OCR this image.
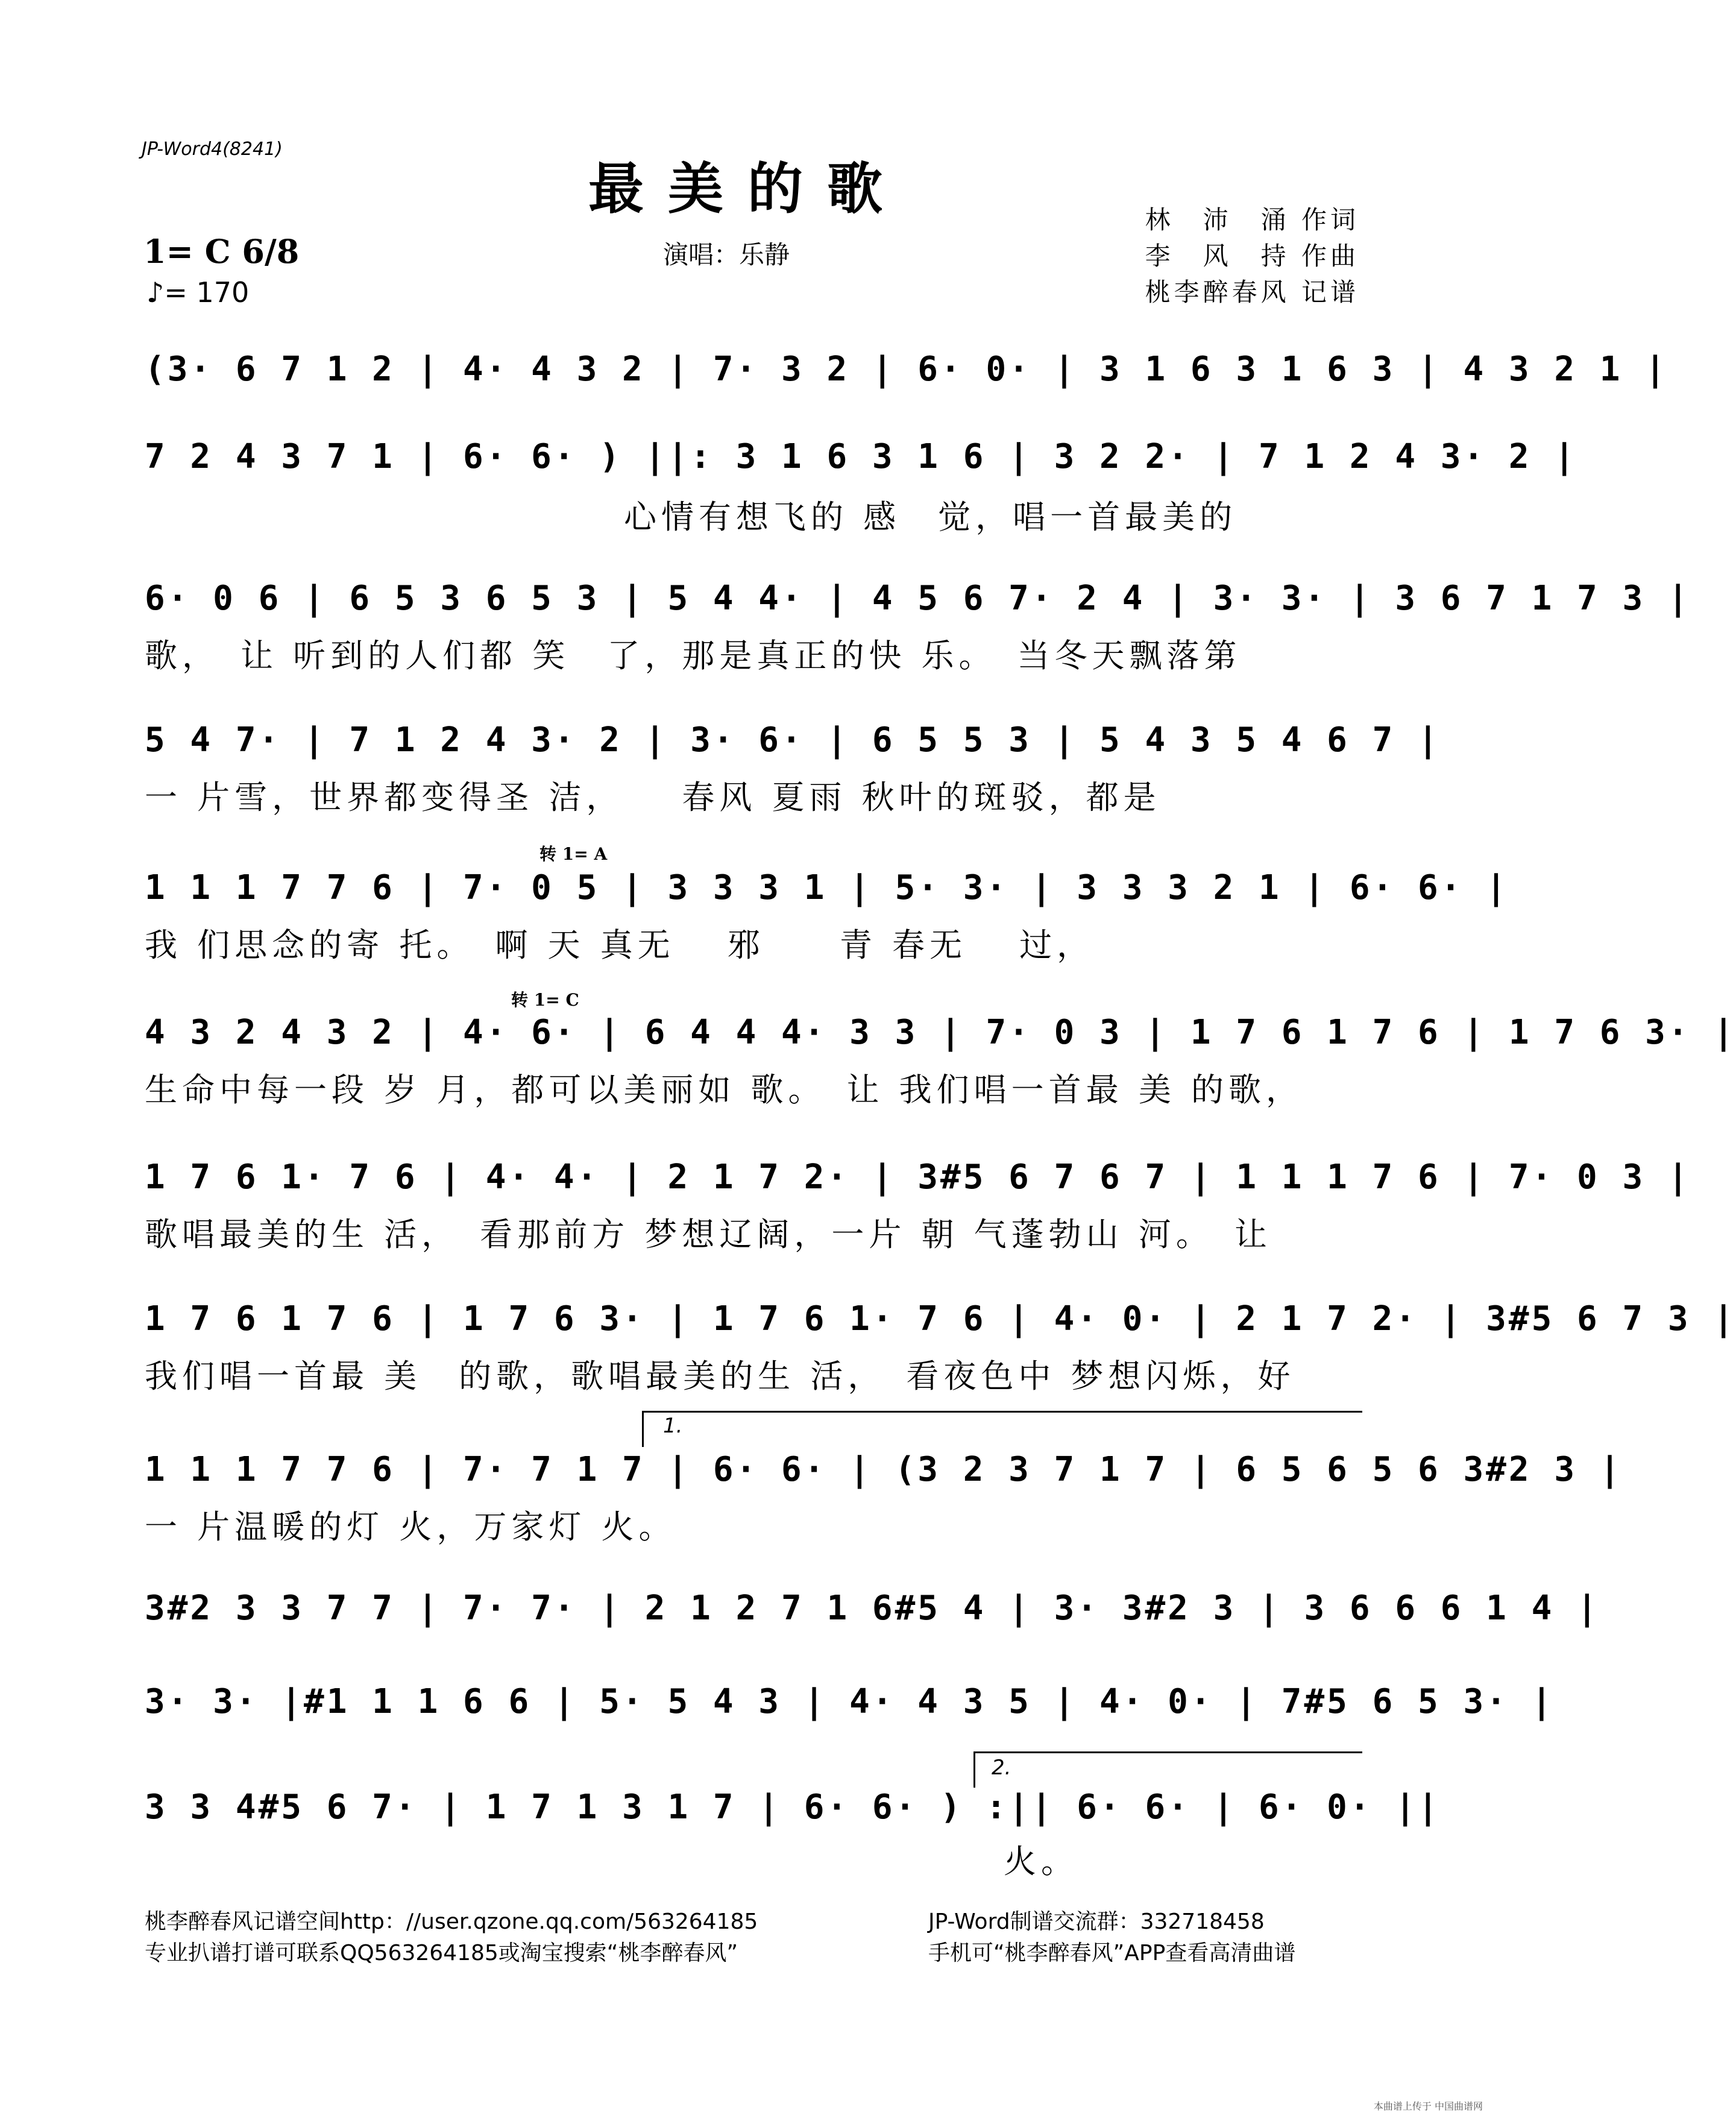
JP-Word4(8241)
最美的歌
演唱：乐静
林　沛　涌 作词
李　风　持 作曲
桃李醉春风 记谱
1= C 6/8
♪= 170
转 1= A
转 1= C
1.
2.
(3· 6 7 1 2 | 4· 4 3 2 | 7· 3 2 | 6· 0· | 3 1 6 3 1 6 3 | 4 3 2 1 |
7 2 4 3 7 1 | 6· 6· ) ||: 3 1 6 3 1 6 | 3 2 2· | 7 1 2 4 3· 2 |
心情有想飞的 感　觉，唱一首最美的
6· 0 6 | 6 5 3 6 5 3 | 5 4 4· | 4 5 6 7· 2 4 | 3· 3· | 3 6 7 1 7 3 |
歌，　让 听到的人们都 笑　了，那是真正的快 乐。　当冬天飘落第
5 4 7· | 7 1 2 4 3· 2 | 3· 6· | 6 5 5 3 | 5 4 3 5 4 6 7 |
一 片雪，世界都变得圣 洁，　　春风 夏雨 秋叶的斑驳，都是
1 1 1 7 7 6 | 7· 0 5 | 3 3 3 1 | 5· 3· | 3 3 3 2 1 | 6· 6· |
我 们思念的寄 托。　啊 天 真无　 邪　　青 春无　 过，
4 3 2 4 3 2 | 4· 6· | 6 4 4 4· 3 3 | 7· 0 3 | 1 7 6 1 7 6 | 1 7 6 3· |
生命中每一段 岁 月，都可以美丽如 歌。　让 我们唱一首最 美 的歌，
1 7 6 1· 7 6 | 4· 4· | 2 1 7 2· | 3#5 6 7 6 7 | 1 1 1 7 6 | 7· 0 3 |
歌唱最美的生 活，　看那前方 梦想辽阔，一片 朝 气蓬勃山 河。　让
1 7 6 1 7 6 | 1 7 6 3· | 1 7 6 1· 7 6 | 4· 0· | 2 1 7 2· | 3#5 6 7 3 |
我们唱一首最 美　的歌，歌唱最美的生 活，　看夜色中 梦想闪烁，好
1 1 1 7 7 6 | 7· 7 1 7 | 6· 6· | (3 2 3 7 1 7 | 6 5 6 5 6 3#2 3 |
一 片温暖的灯 火，万家灯 火。
3#2 3 3 7 7 | 7· 7· | 2 1 2 7 1 6#5 4 | 3· 3#2 3 | 3 6 6 6 1 4 |
3· 3· |#1 1 1 6 6 | 5· 5 4 3 | 4· 4 3 5 | 4· 0· | 7#5 6 5 3· |
3 3 4#5 6 7· | 1 7 1 3 1 7 | 6· 6· ) :|| 6· 6· | 6· 0· ||
火。
桃李醉春风记谱空间http：//user.qzone.qq.com/563264185
专业扒谱打谱可联系QQ563264185或淘宝搜索“桃李醉春风”
JP-Word制谱交流群：332718458
手机可“桃李醉春风”APP查看高清曲谱
本曲谱上传于 中国曲谱网
